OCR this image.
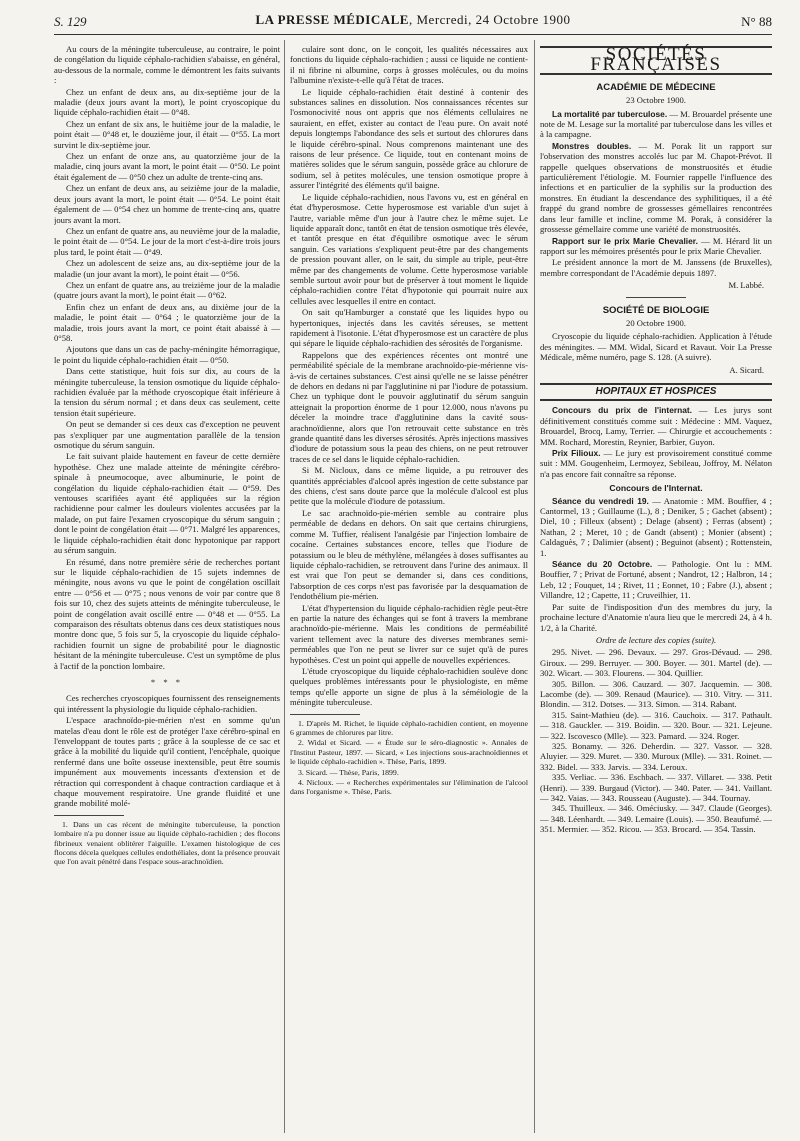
S. 129	LA PRESSE MÉDICALE, Mercredi, 24 Octobre 1900	N° 88

Au cours de la méningite tuberculeuse, au contraire, le point de congélation du liquide céphalo-rachidien s'abaisse, en général, au-dessous de la normale, comme le démontrent les faits suivants :

Chez un enfant de deux ans, au dix-septième jour de la maladie (deux jours avant la mort), le point cryoscopique du liquide céphalo-rachidien était — 0°48.

Chez un enfant de six ans, le huitième jour de la maladie, le point était — 0°48 et, le douzième jour, il était — 0°55. La mort survint le dix-septième jour.

Chez un enfant de onze ans, au quatorzième jour de la maladie, cinq jours avant la mort, le point était — 0°50. Le point était également de — 0°50 chez un adulte de trente-cinq ans.

Chez un enfant de deux ans, au seizième jour de la maladie, deux jours avant la mort, le point était — 0°54. Le point était également de — 0°54 chez un homme de trente-cinq ans, quatre jours avant la mort.

Chez un enfant de quatre ans, au neuvième jour de la maladie, le point était de — 0°54. Le jour de la mort c'est-à-dire trois jours plus tard, le point était — 0°49.

Chez un adolescent de seize ans, au dix-septième jour de la maladie (un jour avant la mort), le point était — 0°56.

Chez un enfant de quatre ans, au treizième jour de la maladie (quatre jours avant la mort), le point était — 0°62.

Enfin chez un enfant de deux ans, au dixième jour de la maladie, le point était — 0°64 ; le quatorzième jour de la maladie, trois jours avant la mort, ce point était abaissé à — 0°58.

Ajoutons que dans un cas de pachy-méningite hémorragique, le point du liquide céphalo-rachidien était — 0°50.

Dans cette statistique, huit fois sur dix, au cours de la méningite tuberculeuse, la tension osmotique du liquide céphalo-rachidien évaluée par la méthode cryoscopique était inférieure à la tension du sérum normal ; et dans deux cas seulement, cette tension était supérieure.

On peut se demander si ces deux cas d'exception ne peuvent pas s'expliquer par une augmentation parallèle de la tension osmotique du sérum sanguin.

Le fait suivant plaide hautement en faveur de cette dernière hypothèse. Chez une malade atteinte de méningite cérébro-spinale à pneumocoque, avec albuminurie, le point de congélation du liquide céphalo-rachidien était — 0°59. Des ventouses scarifiées ayant été appliquées sur la région rachidienne pour calmer les douleurs violentes accusées par la malade, on put faire l'examen cryoscopique du sérum sanguin ; dont le point de congélation était — 0°71. Malgré les apparences, le liquide céphalo-rachidien était donc hypotonique par rapport au sérum sanguin.

En résumé, dans notre première série de recherches portant sur le liquide céphalo-rachidien de 15 sujets indemnes de méningite, nous avons vu que le point de congélation oscillait entre — 0°56 et — 0°75 ; nous venons de voir par contre que 8 fois sur 10, chez des sujets atteints de méningite tuberculeuse, le point de congélation avait oscillé entre — 0°48 et — 0°55. La comparaison des résultats obtenus dans ces deux statistiques nous montre donc que, 5 fois sur 5, la cryoscopie du liquide céphalo-rachidien fournit un signe de probabilité pour le diagnostic hésitant de la méningite tuberculeuse. C'est un symptôme de plus à l'actif de la ponction lombaire.

* * *

Ces recherches cryoscopiques fournissent des renseignements qui intéressent la physiologie du liquide céphalo-rachidien.

L'espace arachnoïdo-pie-mérien n'est en somme qu'un matelas d'eau dont le rôle est de protéger l'axe cérébro-spinal en l'enveloppant de toutes parts ; grâce à la souplesse de ce sac et grâce à la mobilité du liquide qu'il contient, l'encéphale, quoique renfermé dans une boîte osseuse inextensible, peut être soumis impunément aux mouvements incessants d'extension et de rétraction qui correspondent à chaque contraction cardiaque et à chaque mouvement respiratoire. Une grande fluidité et une grande mobilité molé-

1. Dans un cas récent de méningite tuberculeuse, la ponction lombaire n'a pu donner issue au liquide céphalo-rachidien ; des flocons fibrineux venaient oblitérer l'aiguille. L'examen histologique de ces flocons décela quelques cellules endothéliales, dont la présence prouvait que l'on avait pénétré dans l'espace sous-arachnoïdien.

culaire sont donc, on le conçoit, les qualités nécessaires aux fonctions du liquide céphalo-rachidien ; aussi ce liquide ne contient-il ni fibrine ni albumine, corps à grosses molécules, ou du moins l'albumine n'existe-t-elle qu'à l'état de traces.

Le liquide céphalo-rachidien était destiné à contenir des substances salines en dissolution. Nos connaissances récentes sur l'osmonocivité nous ont appris que nos éléments cellulaires ne sauraient, en effet, exister au contact de l'eau pure. On avait noté depuis longtemps l'abondance des sels et surtout des chlorures dans le liquide cérébro-spinal. Nous comprenons maintenant une des raisons de leur présence. Ce liquide, tout en contenant moins de matières solides que le sérum sanguin, possède grâce au chlorure de sodium, sel à petites molécules, une tension osmotique propre à assurer l'intégrité des éléments qu'il baigne.

Le liquide céphalo-rachidien, nous l'avons vu, est en général en état d'hyperosmose. Cette hyperosmose est variable d'un sujet à l'autre, variable même d'un jour à l'autre chez le même sujet. Le liquide apparaît donc, tantôt en état de tension osmotique très élevée, et tantôt presque en état d'équilibre osmotique avec le sérum sanguin. Ces variations s'expliquent peut-être par des changements de pression pouvant aller, on le sait, du simple au triple, peut-être même par des changements de volume. Cette hyperosmose variable semble surtout avoir pour but de préserver à tout moment le liquide céphalo-rachidien contre l'état d'hypotonie qui pourrait nuire aux cellules avec lesquelles il entre en contact.

On sait qu'Hamburger a constaté que les liquides hypo ou hypertoniques, injectés dans les cavités séreuses, se mettent rapidement à l'isotonie. L'état d'hyperosmose est un caractère de plus qui sépare le liquide céphalo-rachidien des sérosités de l'organisme.

Rappelons que des expériences récentes ont montré une perméabilité spéciale de la membrane arachnoïdo-pie-mérienne vis-à-vis de certaines substances. C'est ainsi qu'elle ne se laisse pénétrer de dehors en dedans ni par l'agglutinine ni par l'iodure de potassium. Chez un typhique dont le pouvoir agglutinatif du sérum sanguin atteignait la proportion énorme de 1 pour 12.000, nous n'avons pu déceler la moindre trace d'agglutinine dans la cavité sous-arachnoïdienne, alors que l'on retrouvait cette substance en très grande quantité dans les diverses sérosités. Après injections massives d'iodure de potassium sous la peau des chiens, on ne peut retrouver traces de ce sel dans le liquide céphalo-rachidien.

Si M. Nicloux, dans ce même liquide, a pu retrouver des quantités appréciables d'alcool après ingestion de cette substance par des chiens, c'est sans doute parce que la molécule d'alcool est plus petite que la molécule d'iodure de potassium.

Le sac arachnoïdo-pie-mérien semble au contraire plus perméable de dedans en dehors. On sait que certains chirurgiens, comme M. Tuffier, réalisent l'analgésie par l'injection lombaire de cocaïne. Certaines substances encore, telles que l'iodure de potassium ou le bleu de méthylène, mélangées à doses suffisantes au liquide céphalo-rachidien, se retrouvent dans l'urine des animaux. Il est vrai que l'on peut se demander si, dans ces conditions, l'absorption de ces corps n'est pas favorisée par la desquamation de l'endothélium pie-mérien.

L'état d'hypertension du liquide céphalo-rachidien règle peut-être en partie la nature des échanges qui se font à travers la membrane arachnoïdo-pie-mérienne. Mais les conditions de perméabilité varient tellement avec la nature des diverses membranes semi-perméables que l'on ne peut se livrer sur ce sujet qu'à de pures hypothèses. C'est un point qui appelle de nouvelles expériences.

L'étude cryoscopique du liquide céphalo-rachidien soulève donc quelques problèmes intéressants pour le physiologiste, en même temps qu'elle apporte un signe de plus à la séméiologie de la méningite tuberculeuse.

1. D'après M. Richet, le liquide céphalo-rachidien contient, en moyenne 6 grammes de chlorures par litre.

2. Widal et Sicard. — « Étude sur le séro-diagnostic ». Annales de l'Institut Pasteur, 1897. — Sicard, « Les injections sous-arachnoïdiennes et le liquide céphalo-rachidien ». Thèse, Paris, 1899.

3. Sicard. — Thèse, Paris, 1899.

4. Nicloux. — « Recherches expérimentales sur l'élimination de l'alcool dans l'organisme ». Thèse, Paris.

SOCIÉTÉS FRANÇAISES
ACADÉMIE DE MÉDECINE
23 Octobre 1900.

La mortalité par tuberculose. — M. Brouardel présente une note de M. Lesage sur la mortalité par tuberculose dans les villes et à la campagne.

Monstres doubles. — M. Porak lit un rapport sur l'observation des monstres accolés luc par M. Chapot-Prévot. Il rappelle quelques observations de monstruosités et étudie particulièrement l'étiologie. M. Fournier rappelle l'influence des infections et en particulier de la syphilis sur la production des monstres. En étudiant la descendance des syphilitiques, il a été frappé du grand nombre de grossesses gémellaires rencontrées dans leur famille et incline, comme M. Porak, à considérer la grossesse gémellaire comme une variété de monstruosités.

Rapport sur le prix Marie Chevalier. — M. Hérard lit un rapport sur les mémoires présentés pour le prix Marie Chevalier.

Le président annonce la mort de M. Janssens (de Bruxelles), membre correspondant de l'Académie depuis 1897.

M. Labbé.
SOCIÉTÉ DE BIOLOGIE
20 Octobre 1900.

Cryoscopie du liquide céphalo-rachidien. Application à l'étude des méningites. — MM. Widal, Sicard et Ravaut. Voir La Presse Médicale, même numéro, page S. 128. (A suivre).

A. Sicard.
HOPITAUX ET HOSPICES

Concours du prix de l'internat. — Les jurys sont définitivement constitués comme suit : Médecine : MM. Vaquez, Brouardel, Brocq, Lamy, Terrier. — Chirurgie et accouchements : MM. Rochard, Morestin, Reynier, Barbier, Guyon.

Prix Filioux. — Le jury est provisoirement constitué comme suit : MM. Gougenheim, Lermoyez, Sebileau, Joffroy, M. Nélaton n'a pas encore fait connaître sa réponse.

Concours de l'Internat.

Séance du vendredi 19. — Anatomie : MM. Bouffier, 4 ; Cantormel, 13 ; Guillaume (L.), 8 ; Deniker, 5 ; Gachet (absent) ; Diel, 10 ; Filleux (absent) ; Delage (absent) ; Ferras (absent) ; Nathan, 2 ; Meret, 10 ; de Gandt (absent) ; Monier (absent) ; Caldaguès, 7 ; Dalimier (absent) ; Beguinot (absent) ; Rottenstein, 1.

Séance du 20 Octobre. — Pathologie. Ont lu : MM. Bouffier, 7 ; Privat de Fortuné, absent ; Nandrot, 12 ; Halbron, 14 ; Leb, 12 ; Fouquet, 14 ; Rivet, 11 ; Eonnet, 10 ; Fabre (J.), absent ; Villandre, 12 ; Capette, 11 ; Cruveilhier, 11.

Par suite de l'indisposition d'un des membres du jury, la prochaine lecture d'Anatomie n'aura lieu que le mercredi 24, à 4 h. 1/2, à la Charité.

Ordre de lecture des copies (suite).
295. Nivet. — 296. Devaux. — 297. Gros-Dévaud. — 298. Giroux. — 299. Berruyer. — 300. Boyer. — 301. Martel (de). — 302. Wicart. — 303. Flourens. — 304. Quillier.
305. Billon. — 306. Cauzard. — 307. Jacquemin. — 308. Lacombe (de). — 309. Renaud (Maurice). — 310. Vitry. — 311. Blondin. — 312. Dotses. — 313. Simon. — 314. Rabant.
315. Saint-Mathieu (de). — 316. Cauchoix. — 317. Pathault. — 318. Gauckler. — 319. Boidin. — 320. Bour. — 321. Lejeune. — 322. Iscovesco (Mlle). — 323. Pamard. — 324. Roger.
325. Bonamy. — 326. Deherdin. — 327. Vassor. — 328. Aluyier. — 329. Muret. — 330. Muroux (Mlle). — 331. Roinet. — 332. Bidel. — 333. Jarvis. — 334. Leroux.
335. Verliac. — 336. Eschbach. — 337. Villaret. — 338. Petit (Henri). — 339. Burgaud (Victor). — 340. Pater. — 341. Vaillant. — 342. Vaias. — 343. Rousseau (Auguste). — 344. Tournay.
345. Thuilleux. — 346. Oméciusky. — 347. Claude (Georges). — 348. Léenhardt. — 349. Lemaire (Louis). — 350. Beaufumé. — 351. Mermier. — 352. Ricou. — 353. Brocard. — 354. Tassin.
